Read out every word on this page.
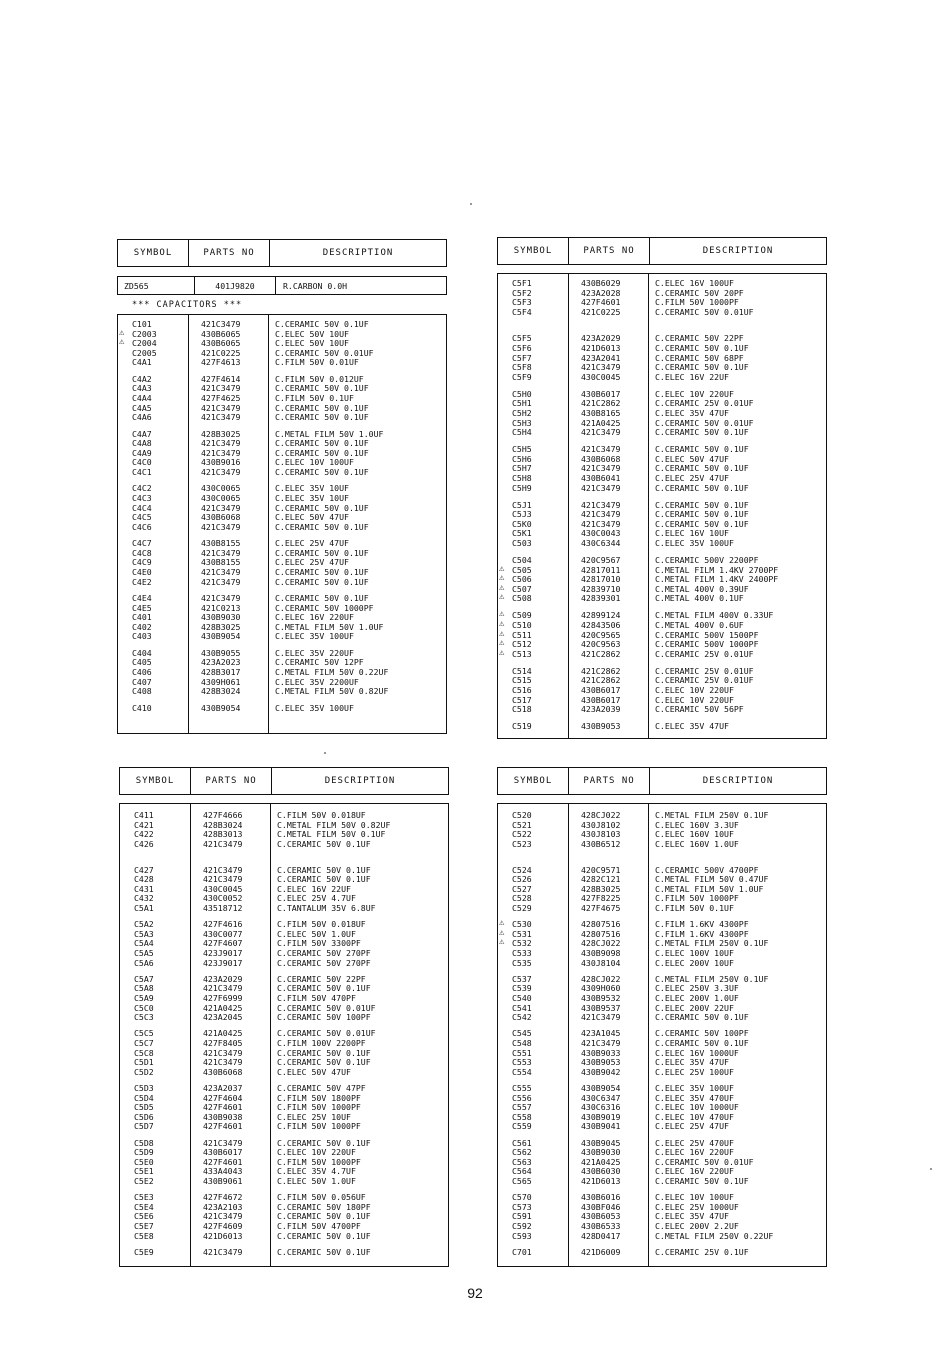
SYMBOL	PARTS NO	DESCRIPTION
ZD565	401J9820	R.CARBON 0.0H
*** CAPACITORS ***
C101	421C3479	C.CERAMIC 50V 0.1UF
⚠ C2003	430B6065	C.ELEC 50V 10UF
⚠ C2004	430B6065	C.ELEC 50V 10UF
C2005	421C0225	C.CERAMIC 50V 0.01UF
C4A1	427F4613	C.FILM 50V 0.01UF
C4A2	427F4614	C.FILM 50V 0.012UF
C4A3	421C3479	C.CERAMIC 50V 0.1UF
C4A4	427F4625	C.FILM 50V 0.1UF
C4A5	421C3479	C.CERAMIC 50V 0.1UF
C4A6	421C3479	C.CERAMIC 50V 0.1UF
C4A7	428B3025	C.METAL FILM 50V 1.0UF
C4A8	421C3479	C.CERAMIC 50V 0.1UF
C4A9	421C3479	C.CERAMIC 50V 0.1UF
C4C0	430B9016	C.ELEC 10V 100UF
C4C1	421C3479	C.CERAMIC 50V 0.1UF
C4C2	430C0065	C.ELEC 35V 10UF
C4C3	430C0065	C.ELEC 35V 10UF
C4C4	421C3479	C.CERAMIC 50V 0.1UF
C4C5	430B6068	C.ELEC 50V 47UF
C4C6	421C3479	C.CERAMIC 50V 0.1UF
C4C7	430B8155	C.ELEC 25V 47UF
C4C8	421C3479	C.CERAMIC 50V 0.1UF
C4C9	430B8155	C.ELEC 25V 47UF
C4E0	421C3479	C.CERAMIC 50V 0.1UF
C4E2	421C3479	C.CERAMIC 50V 0.1UF
C4E4	421C3479	C.CERAMIC 50V 0.1UF
C4E5	421C0213	C.CERAMIC 50V 1000PF
C401	430B9030	C.ELEC 16V 220UF
C402	428B3025	C.METAL FILM 50V 1.0UF
C403	430B9054	C.ELEC 35V 100UF
C404	430B9055	C.ELEC 35V 220UF
C405	423A2023	C.CERAMIC 50V 12PF
C406	428B3017	C.METAL FILM 50V 0.22UF
C407	4309H061	C.ELEC 35V 2200UF
C408	428B3024	C.METAL FILM 50V 0.82UF
C410	430B9054	C.ELEC 35V 100UF
SYMBOL	PARTS NO	DESCRIPTION
C5F1	430B6029	C.ELEC 16V 100UF
C5F2	423A2028	C.CERAMIC 50V 20PF
C5F3	427F4601	C.FILM 50V 1000PF
C5F4	421C0225	C.CERAMIC 50V 0.01UF
C5F5	423A2029	C.CERAMIC 50V 22PF
C5F6	421D6013	C.CERAMIC 50V 0.1UF
C5F7	423A2041	C.CERAMIC 50V 68PF
C5F8	421C3479	C.CERAMIC 50V 0.1UF
C5F9	430C0045	C.ELEC 16V 22UF
C5H0	430B6017	C.ELEC 10V 220UF
C5H1	421C2862	C.CERAMIC 25V 0.01UF
C5H2	430B8165	C.ELEC 35V 47UF
C5H3	421A0425	C.CERAMIC 50V 0.01UF
C5H4	421C3479	C.CERAMIC 50V 0.1UF
C5H5	421C3479	C.CERAMIC 50V 0.1UF
C5H6	430B6068	C.ELEC 50V 47UF
C5H7	421C3479	C.CERAMIC 50V 0.1UF
C5H8	430B6041	C.ELEC 25V 47UF
C5H9	421C3479	C.CERAMIC 50V 0.1UF
C5J1	421C3479	C.CERAMIC 50V 0.1UF
C5J3	421C3479	C.CERAMIC 50V 0.1UF
C5K0	421C3479	C.CERAMIC 50V 0.1UF
C5K1	430C0043	C.ELEC 16V 10UF
C503	430C6344	C.ELEC 35V 100UF
C504	420C9567	C.CERAMIC 500V 2200PF
⚠ C505	42817011	C.METAL FILM 1.4KV 2700PF
⚠ C506	42817010	C.METAL FILM 1.4KV 2400PF
⚠ C507	42839710	C.METAL 400V 0.39UF
⚠ C508	42839301	C.METAL 400V 0.1UF
⚠ C509	42899124	C.METAL FILM 400V 0.33UF
⚠ C510	42843506	C.METAL 400V 0.6UF
⚠ C511	420C9565	C.CERAMIC 500V 1500PF
⚠ C512	420C9563	C.CERAMIC 500V 1000PF
⚠ C513	421C2862	C.CERAMIC 25V 0.01UF
C514	421C2862	C.CERAMIC 25V 0.01UF
C515	421C2862	C.CERAMIC 25V 0.01UF
C516	430B6017	C.ELEC 10V 220UF
C517	430B6017	C.ELEC 10V 220UF
C518	423A2039	C.CERAMIC 50V 56PF
C519	430B9053	C.ELEC 35V 47UF
SYMBOL	PARTS NO	DESCRIPTION
C411	427F4666	C.FILM 50V 0.018UF
C421	428B3024	C.METAL FILM 50V 0.82UF
C422	428B3013	C.METAL FILM 50V 0.1UF
C426	421C3479	C.CERAMIC 50V 0.1UF
C427	421C3479	C.CERAMIC 50V 0.1UF
C428	421C3479	C.CERAMIC 50V 0.1UF
C431	430C0045	C.ELEC 16V 22UF
C432	430C0052	C.ELEC 25V 4.7UF
C5A1	43518712	C.TANTALUM 35V 6.8UF
C5A2	427F4616	C.FILM 50V 0.018UF
C5A3	430C0077	C.ELEC 50V 1.0UF
C5A4	427F4607	C.FILM 50V 3300PF
C5A5	423J9017	C.CERAMIC 50V 270PF
C5A6	423J9017	C.CERAMIC 50V 270PF
C5A7	423A2029	C.CERAMIC 50V 22PF
C5A8	421C3479	C.CERAMIC 50V 0.1UF
C5A9	427F6999	C.FILM 50V 470PF
C5C0	421A0425	C.CERAMIC 50V 0.01UF
C5C3	423A2045	C.CERAMIC 50V 100PF
C5C5	421A0425	C.CERAMIC 50V 0.01UF
C5C7	427F8405	C.FILM 100V 2200PF
C5C8	421C3479	C.CERAMIC 50V 0.1UF
C5D1	421C3479	C.CERAMIC 50V 0.1UF
C5D2	430B6068	C.ELEC 50V 47UF
C5D3	423A2037	C.CERAMIC 50V 47PF
C5D4	427F4604	C.FILM 50V 1800PF
C5D5	427F4601	C.FILM 50V 1000PF
C5D6	430B9038	C.ELEC 25V 10UF
C5D7	427F4601	C.FILM 50V 1000PF
C5D8	421C3479	C.CERAMIC 50V 0.1UF
C5D9	430B6017	C.ELEC 10V 220UF
C5E0	427F4601	C.FILM 50V 1000PF
C5E1	433A4043	C.ELEC 35V 4.7UF
C5E2	430B9061	C.ELEC 50V 1.0UF
C5E3	427F4672	C.FILM 50V 0.056UF
C5E4	423A2103	C.CERAMIC 50V 180PF
C5E6	421C3479	C.CERAMIC 50V 0.1UF
C5E7	427F4609	C.FILM 50V 4700PF
C5E8	421D6013	C.CERAMIC 50V 0.1UF
C5E9	421C3479	C.CERAMIC 50V 0.1UF
SYMBOL	PARTS NO	DESCRIPTION
C520	428CJ022	C.METAL FILM 250V 0.1UF
C521	430J8102	C.ELEC 160V 3.3UF
C522	430J8103	C.ELEC 160V 10UF
C523	430B6512	C.ELEC 160V 1.0UF
C524	420C9571	C.CERAMIC 500V 4700PF
C526	4282C121	C.METAL FILM 50V 0.47UF
C527	428B3025	C.METAL FILM 50V 1.0UF
C528	427F8225	C.FILM 50V 1000PF
C529	427F4675	C.FILM 50V 0.1UF
⚠ C530	42807516	C.FILM 1.6KV 4300PF
⚠ C531	42807516	C.FILM 1.6KV 4300PF
⚠ C532	428CJ022	C.METAL FILM 250V 0.1UF
C533	430B9098	C.ELEC 100V 10UF
C535	430J8104	C.ELEC 200V 10UF
C537	428CJ022	C.METAL FILM 250V 0.1UF
C539	4309H060	C.ELEC 250V 3.3UF
C540	430B9532	C.ELEC 200V 1.0UF
C541	430B9537	C.ELEC 200V 22UF
C542	421C3479	C.CERAMIC 50V 0.1UF
C545	423A1045	C.CERAMIC 50V 100PF
C548	421C3479	C.CERAMIC 50V 0.1UF
C551	430B9033	C.ELEC 16V 1000UF
C553	430B9053	C.ELEC 35V 47UF
C554	430B9042	C.ELEC 25V 100UF
C555	430B9054	C.ELEC 35V 100UF
C556	430C6347	C.ELEC 35V 470UF
C557	430C6316	C.ELEC 10V 1000UF
C558	430B9019	C.ELEC 10V 470UF
C559	430B9041	C.ELEC 25V 47UF
C561	430B9045	C.ELEC 25V 470UF
C562	430B9030	C.ELEC 16V 220UF
C563	421A0425	C.CERAMIC 50V 0.01UF
C564	430B6030	C.ELEC 16V 220UF
C565	421D6013	C.CERAMIC 50V 0.1UF
C570	430B6016	C.ELEC 10V 100UF
C573	430BF046	C.ELEC 25V 1000UF
C591	430B6053	C.ELEC 35V 47UF
C592	430B6533	C.ELEC 200V 2.2UF
C593	428D0417	C.METAL FILM 250V 0.22UF
C701	421D6009	C.CERAMIC 25V 0.1UF
92
